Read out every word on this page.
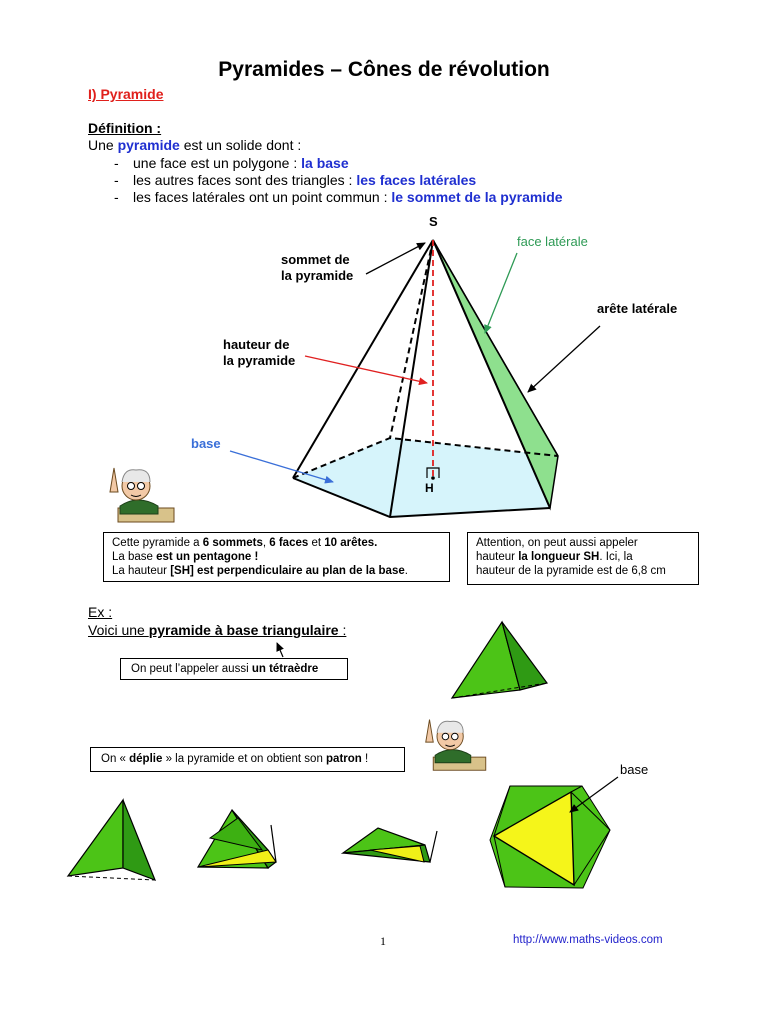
Pyramides – Cônes de révolution
I) Pyramide
Définition :
Une pyramide est un solide dont :
- une face est un polygone : la base
- les autres faces sont des triangles : les faces latérales
- les faces latérales ont un point commun : le sommet de la pyramide
S
H
sommet de
la pyramide
face latérale
arête latérale
hauteur de
la pyramide
base
Cette pyramide a 6 sommets, 6 faces et 10 arêtes.
La base est un pentagone !
La hauteur [SH] est perpendiculaire au plan de la base.
Attention, on peut aussi appeler
hauteur la longueur SH. Ici, la
hauteur de la pyramide est de 6,8 cm
Ex :
Voici une pyramide à base triangulaire :
On peut l’appeler aussi un tétraèdre
On « déplie » la pyramide et on obtient son patron !
base
1	http://www.maths-videos.com
